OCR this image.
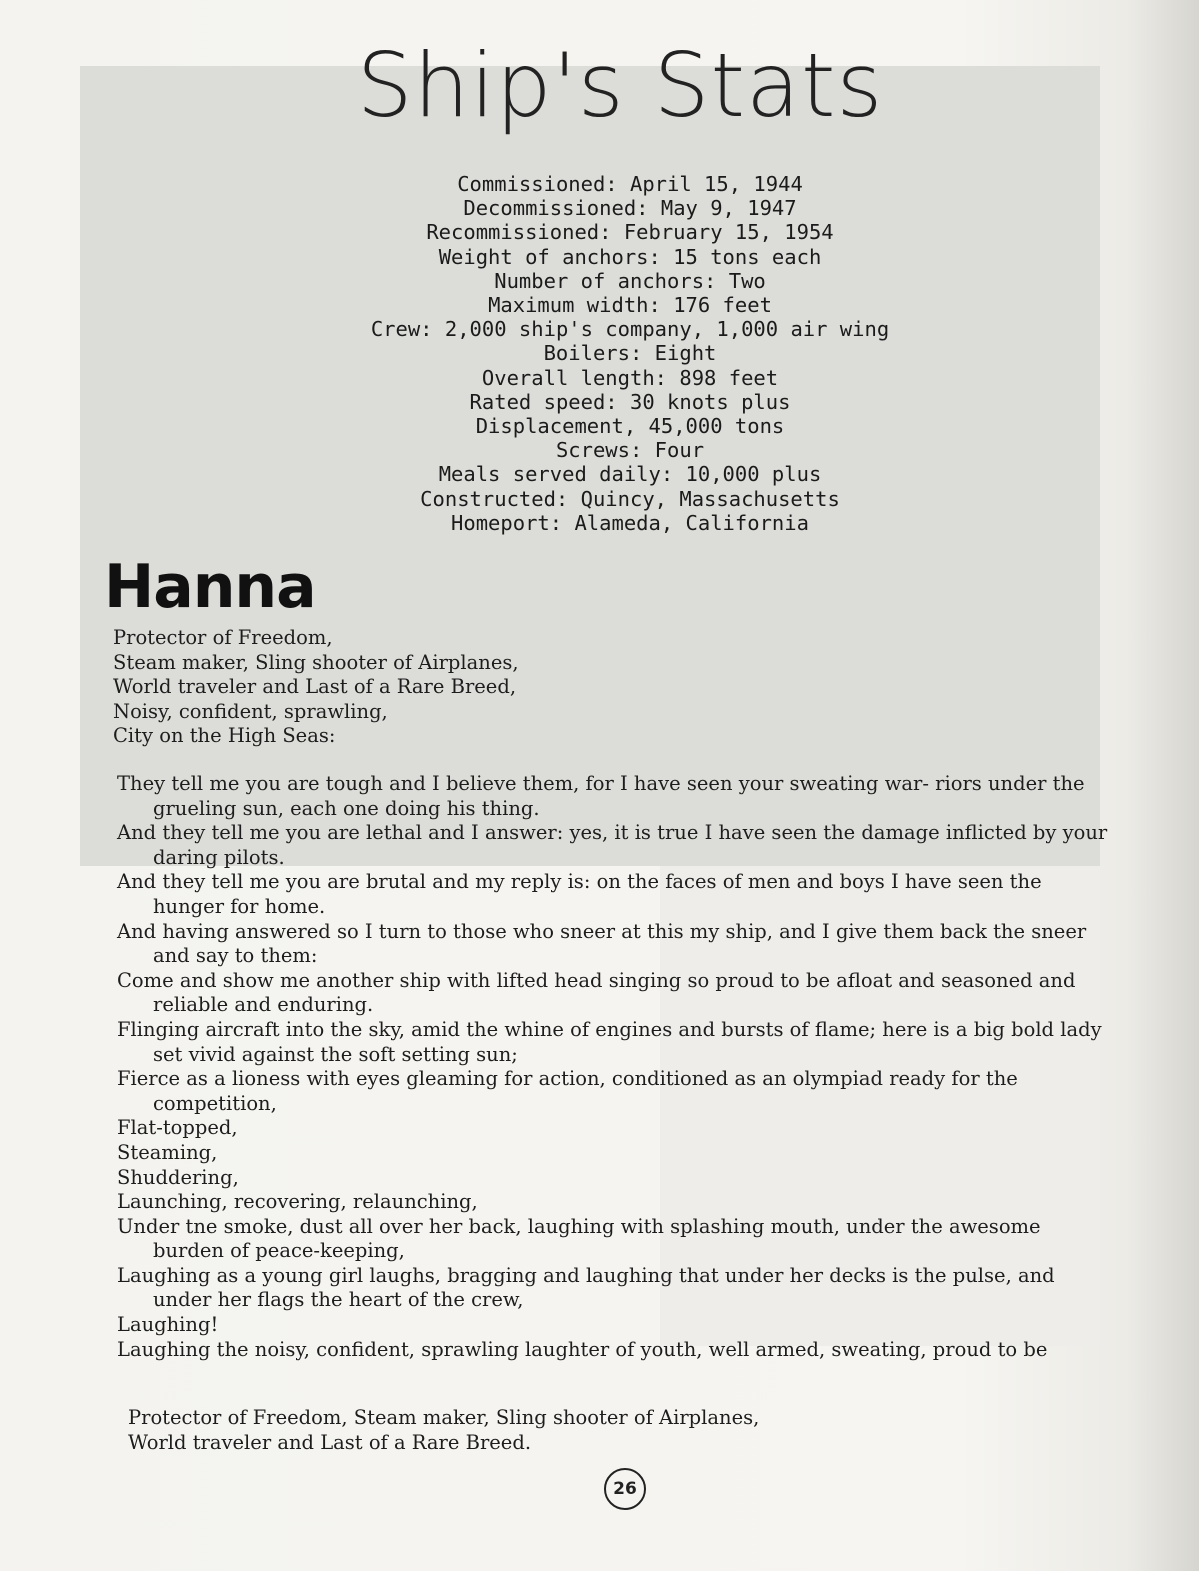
Ship's Stats
Commissioned: April 15, 1944
Decommissioned: May 9, 1947
Recommissioned: February 15, 1954
Weight of anchors: 15 tons each
Number of anchors: Two
Maximum width: 176 feet
Crew: 2,000 ship's company, 1,000 air wing
Boilers: Eight
Overall length: 898 feet
Rated speed: 30 knots plus
Displacement, 45,000 tons
Screws: Four
Meals served daily: 10,000 plus
Constructed: Quincy, Massachusetts
Homeport: Alameda, California
Hanna
Protector of Freedom,
Steam maker, Sling shooter of Airplanes,
World traveler and Last of a Rare Breed,
Noisy, confident, sprawling,
City on the High Seas:
They tell me you are tough and I believe them, for I have seen your sweating war- riors under the grueling sun, each one doing his thing.
And they tell me you are lethal and I answer: yes, it is true I have seen the damage inflicted by your daring pilots.
And they tell me you are brutal and my reply is: on the faces of men and boys I have seen the hunger for home.
And having answered so I turn to those who sneer at this my ship, and I give them back the sneer and say to them:
Come and show me another ship with lifted head singing so proud to be afloat and seasoned and reliable and enduring.
Flinging aircraft into the sky, amid the whine of engines and bursts of flame; here is a big bold lady set vivid against the soft setting sun;
Fierce as a lioness with eyes gleaming for action, conditioned as an olympiad ready for the competition,
Flat-topped,
Steaming,
Shuddering,
Launching, recovering, relaunching,
Under tne smoke, dust all over her back, laughing with splashing mouth, under the awesome burden of peace-keeping,
Laughing as a young girl laughs, bragging and laughing that under her decks is the pulse, and under her flags the heart of the crew,
Laughing!
Laughing the noisy, confident, sprawling laughter of youth, well armed, sweating, proud to be
Protector of Freedom, Steam maker, Sling shooter of Airplanes,
World traveler and Last of a Rare Breed.
26
